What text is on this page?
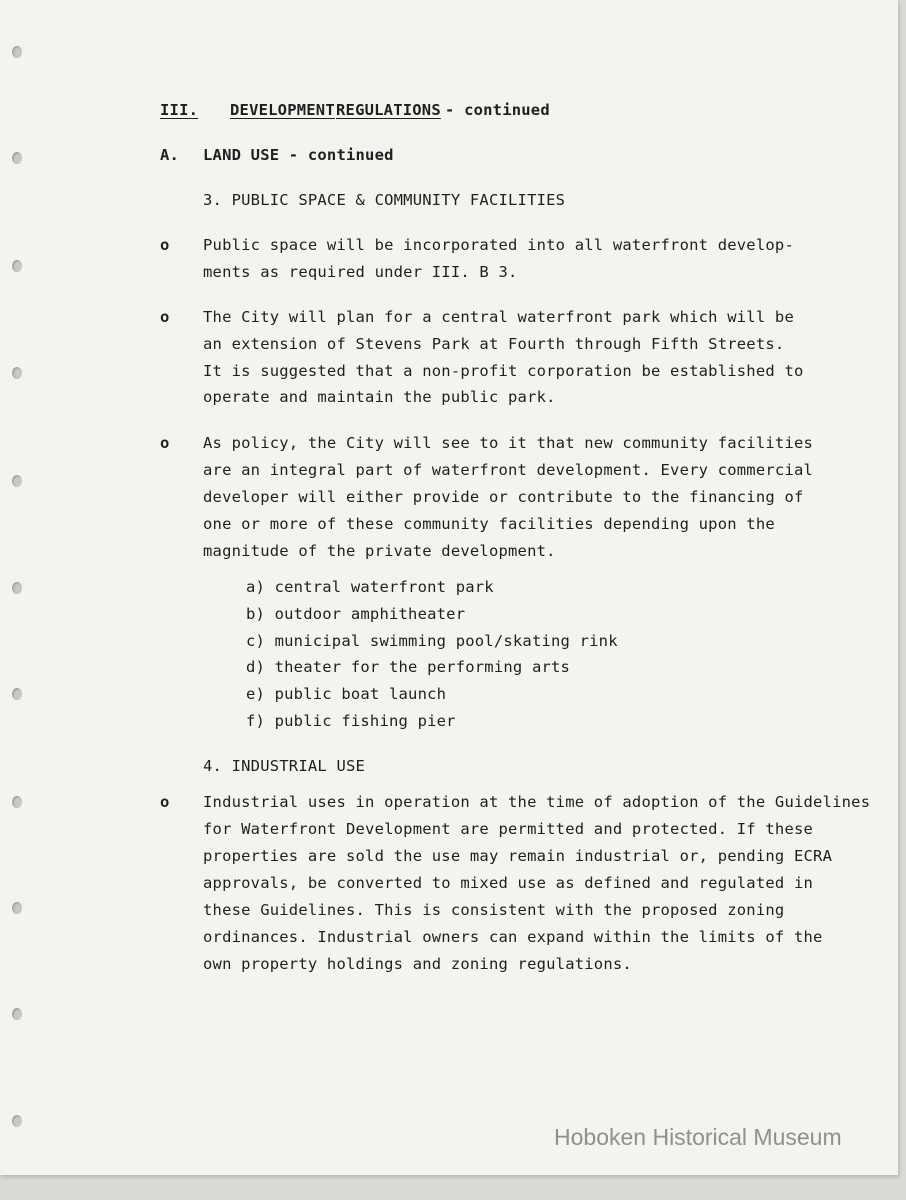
III. DEVELOPMENT REGULATIONS - continued
A. LAND USE - continued
3. PUBLIC SPACE & COMMUNITY FACILITIES
o Public space will be incorporated into all waterfront develop-

ments as required under III. B 3.

o The City will plan for a central waterfront park which will be

an extension of Stevens Park at Fourth through Fifth Streets.

It is suggested that a non-profit corporation be established to

operate and maintain the public park.

o As policy, the City will see to it that new community facilities

are an integral part of waterfront development. Every commercial

developer will either provide or contribute to the financing of

one or more of these community facilities depending upon the

magnitude of the private development.

a) central waterfront park

b) outdoor amphitheater

c) municipal swimming pool/skating rink

d) theater for the performing arts

e) public boat launch

f) public fishing pier

4. INDUSTRIAL USE
o Industrial uses in operation at the time of adoption of the Guidelines

for Waterfront Development are permitted and protected. If these

properties are sold the use may remain industrial or, pending ECRA

approvals, be converted to mixed use as defined and regulated in

these Guidelines. This is consistent with the proposed zoning

ordinances. Industrial owners can expand within the limits of the

own property holdings and zoning regulations.

Hoboken Historical Museum
